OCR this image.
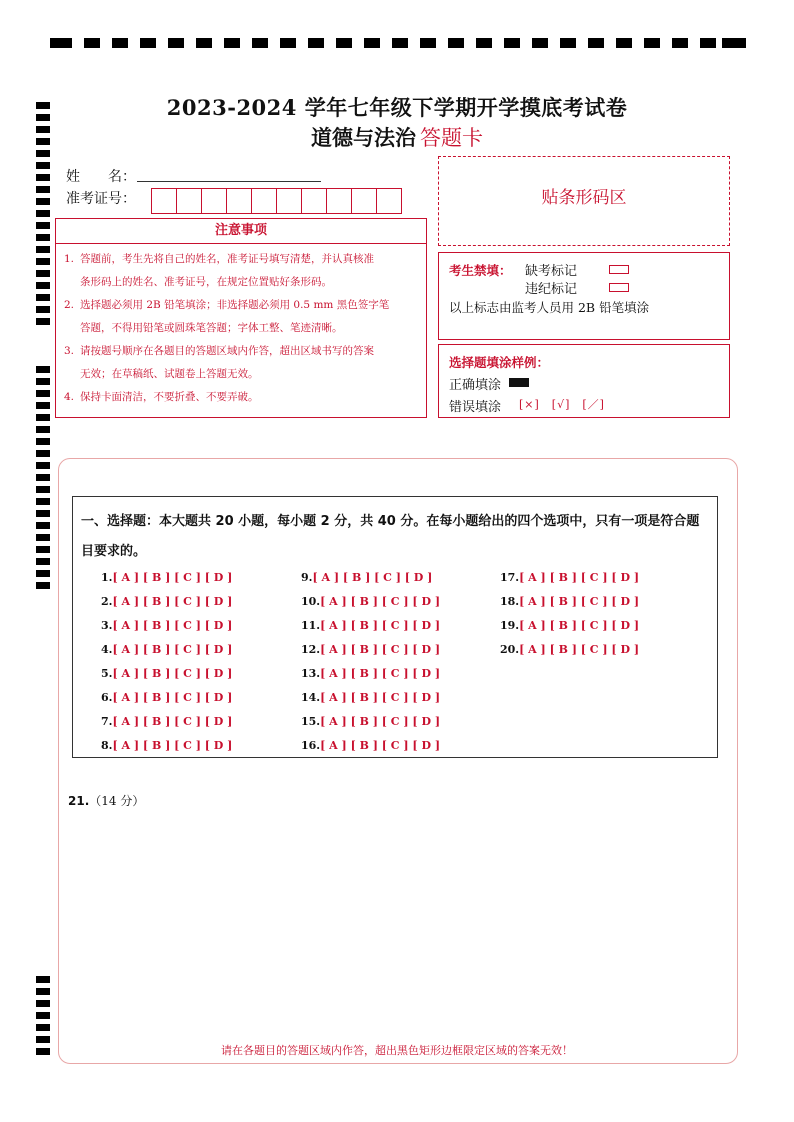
2023-2024 学年七年级下学期开学摸底考试卷
道德与法治 答题卡
姓　　名：
准考证号：
注意事项
1. 答题前，考生先将自己的姓名，准考证号填写清楚，并认真核准
条形码上的姓名、准考证号，在规定位置贴好条形码。
2. 选择题必须用 2B 铅笔填涂；非选择题必须用 0.5 mm 黑色签字笔
答题，不得用铅笔或圆珠笔答题；字体工整、笔迹清晰。
3. 请按题号顺序在各题目的答题区域内作答，超出区域书写的答案
无效；在草稿纸、试题卷上答题无效。
4. 保持卡面清洁，不要折叠、不要弄破。
贴条形码区
考生禁填： 缺考标记
违纪标记
以上标志由监考人员用 2B 铅笔填涂
选择题填涂样例：
正确填涂
错误填涂 [×]　[√]　[／]
一、选择题：本大题共 20 小题，每小题 2 分，共 40 分。在每小题给出的四个选项中，只有一项是符合题目要求的。
1.[ A ] [ B ] [ C ] [ D ]
2.[ A ] [ B ] [ C ] [ D ]
3.[ A ] [ B ] [ C ] [ D ]
4.[ A ] [ B ] [ C ] [ D ]
5.[ A ] [ B ] [ C ] [ D ]
6.[ A ] [ B ] [ C ] [ D ]
7.[ A ] [ B ] [ C ] [ D ]
8.[ A ] [ B ] [ C ] [ D ]
9.[ A ] [ B ] [ C ] [ D ]
10.[ A ] [ B ] [ C ] [ D ]
11.[ A ] [ B ] [ C ] [ D ]
12.[ A ] [ B ] [ C ] [ D ]
13.[ A ] [ B ] [ C ] [ D ]
14.[ A ] [ B ] [ C ] [ D ]
15.[ A ] [ B ] [ C ] [ D ]
16.[ A ] [ B ] [ C ] [ D ]
17.[ A ] [ B ] [ C ] [ D ]
18.[ A ] [ B ] [ C ] [ D ]
19.[ A ] [ B ] [ C ] [ D ]
20.[ A ] [ B ] [ C ] [ D ]
21.（14 分）
请在各题目的答题区域内作答，超出黑色矩形边框限定区域的答案无效！
